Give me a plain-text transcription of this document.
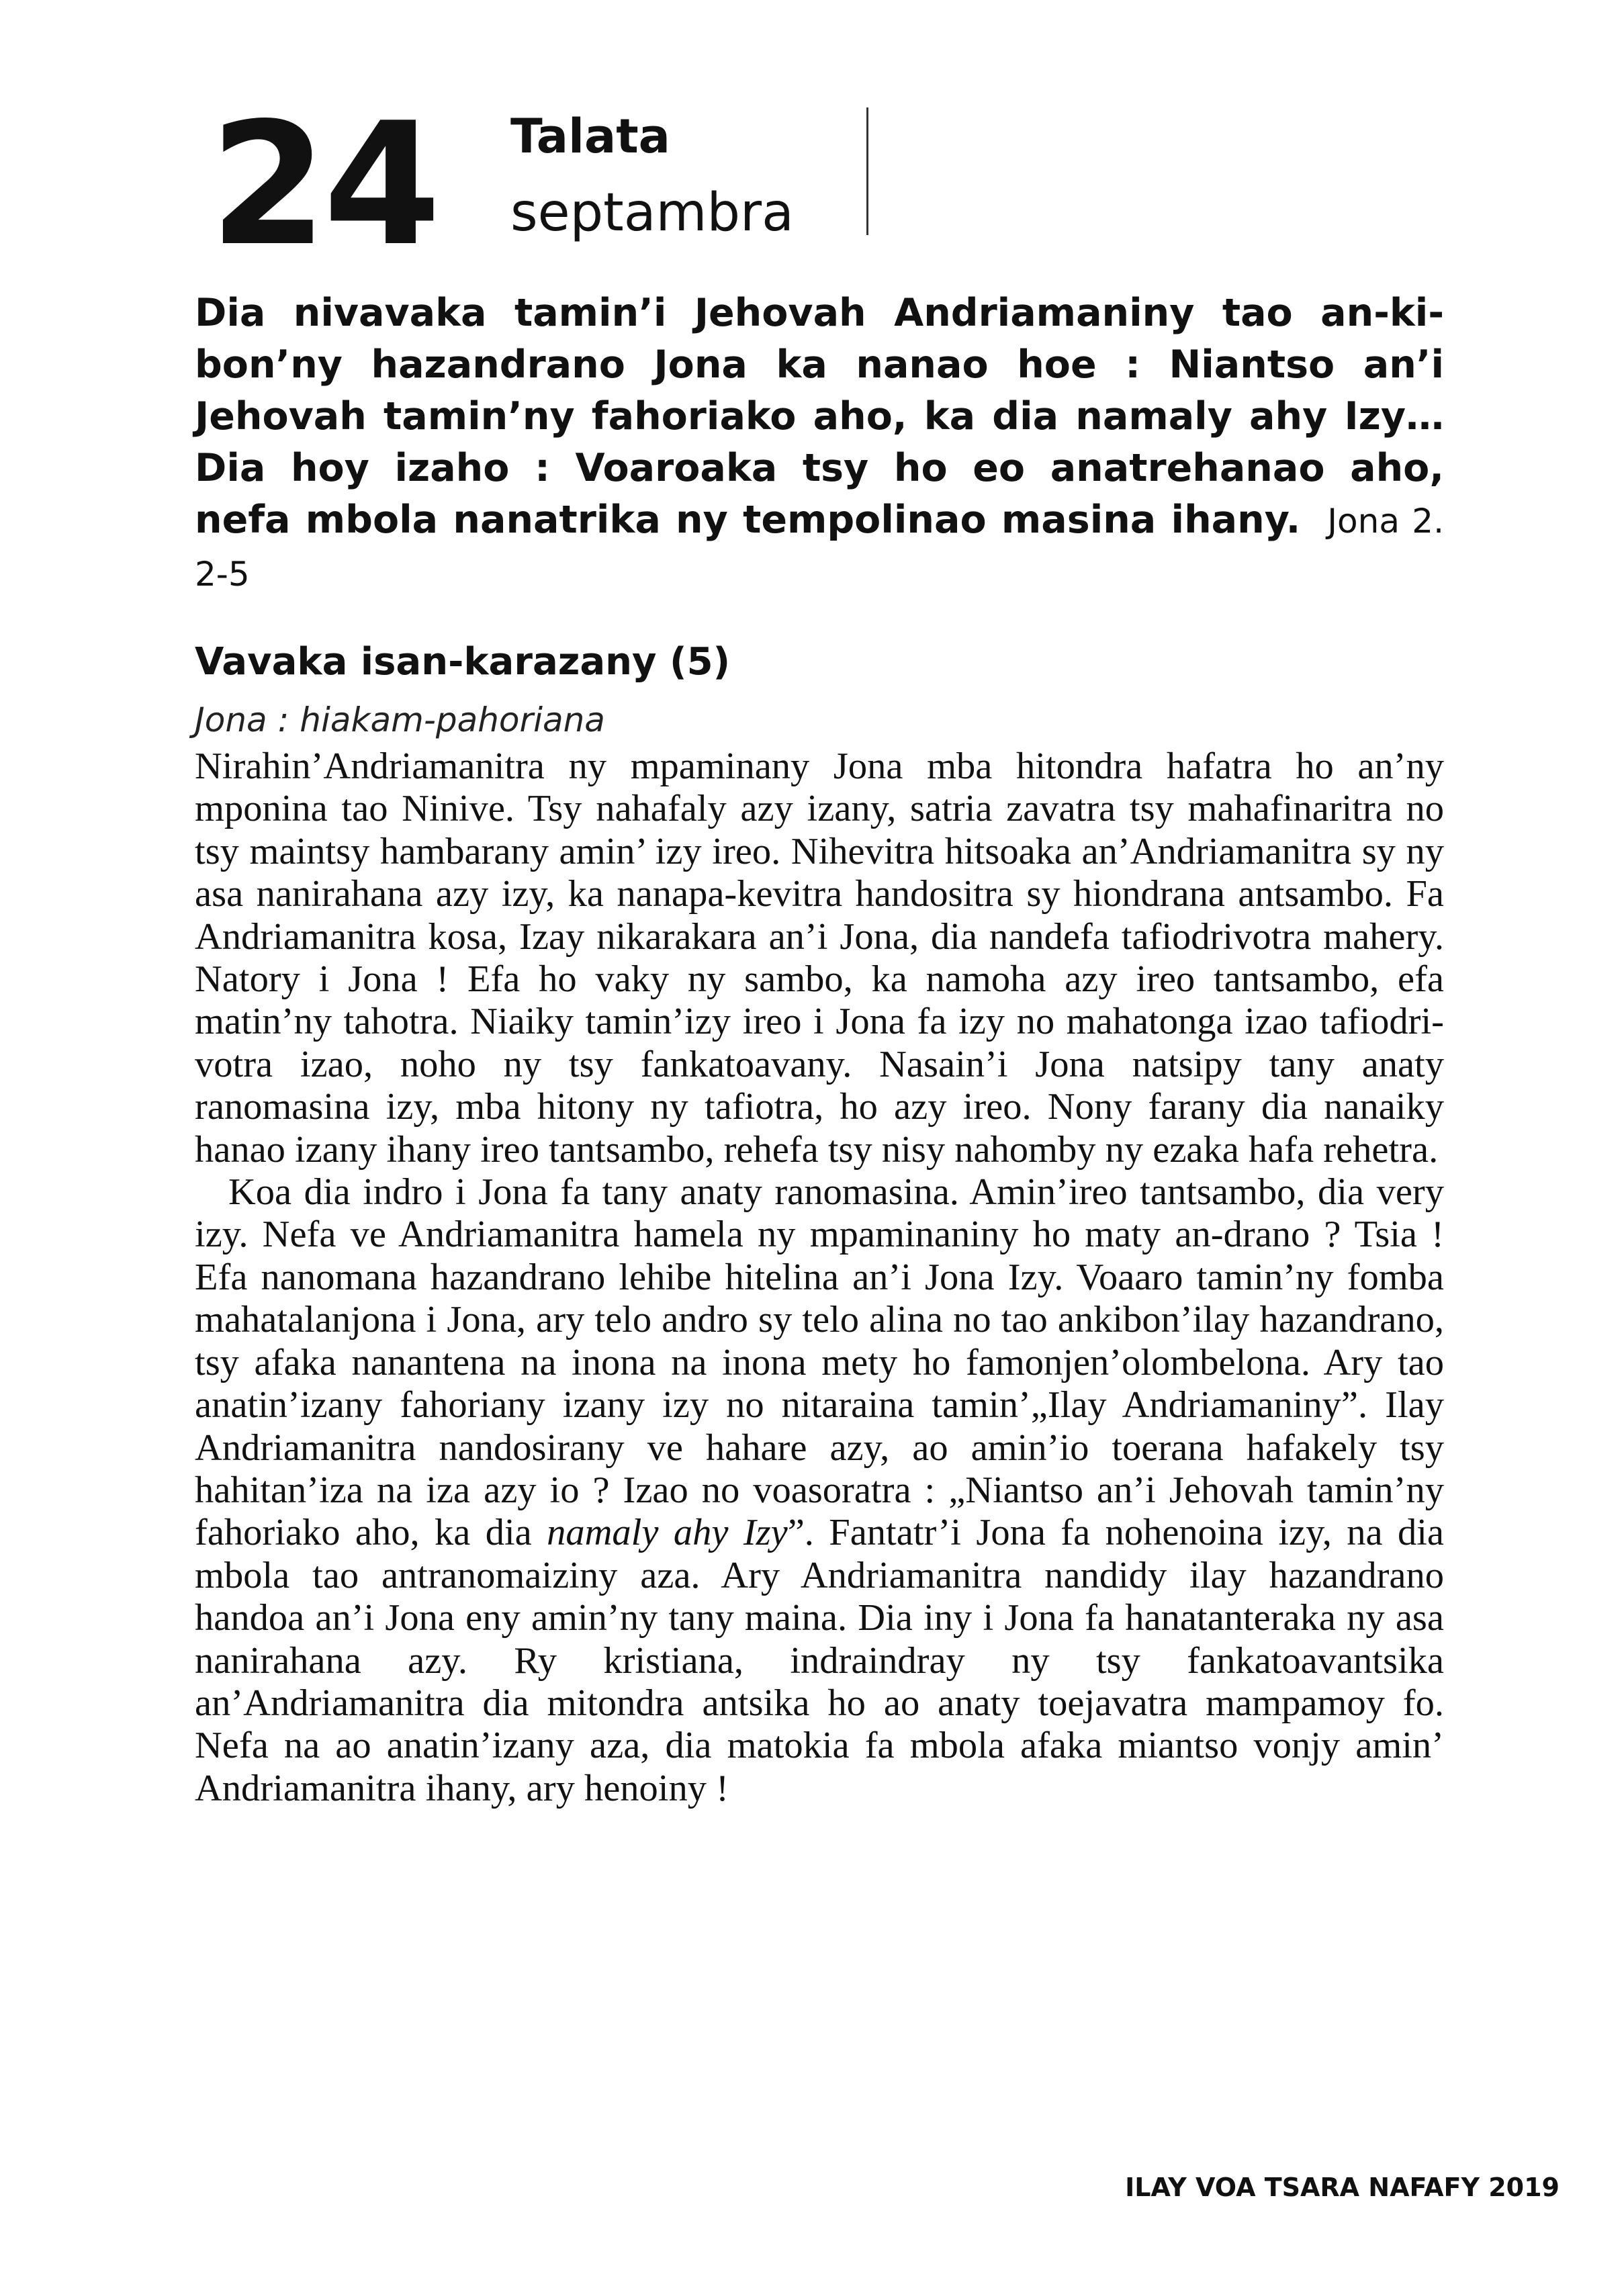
24 Talata
septambra
Dia nivavaka tamin’i Jehovah Andriamaniny tao an-kibon’ny hazandrano Jona ka nanao hoe : Niantso an’i Jehovah tamin’ny fahoriako aho, ka dia namaly ahy Izy… Dia hoy izaho : Voaroaka tsy ho eo anatrehanao aho, nefa mbola nanatrika ny tempolinao masina ihany. Jona 2. 2-5
Vavaka isan-karazany (5)
Jona : hiakam-pahoriana

Nirahin’Andriamanitra ny mpaminany Jona mba hitondra hafatra ho an’ny mponina tao Ninive. Tsy nahafaly azy izany, satria zavatra tsy mahafinaritra no tsy maintsy hambarany amin’ izy ireo. Nihevitra hitsoaka an’Andriamanitra sy ny asa nanirahana azy izy, ka nanapa-kevitra handositra sy hiondrana antsambo. Fa Andriamanitra kosa, Izay nikarakara an’i Jona, dia nandefa tafiodrivotra mahery. Natory i Jona ! Efa ho vaky ny sambo, ka namoha azy ireo tantsambo, efa matin’ny tahotra. Niaiky tamin’izy ireo i Jona fa izy no mahatonga izao tafiodrivotra izao, noho ny tsy fankatoavany. Nasain’i Jona natsipy tany anaty ranomasina izy, mba hitony ny tafiotra, ho azy ireo. Nony farany dia nanaiky hanao izany ihany ireo tantsambo, rehefa tsy nisy nahomby ny ezaka hafa rehetra.

Koa dia indro i Jona fa tany anaty ranomasina. Amin’ireo tantsambo, dia very izy. Nefa ve Andriamanitra hamela ny mpaminaniny ho maty an-drano ? Tsia ! Efa nanomana hazandrano lehibe hitelina an’i Jona Izy. Voaaro tamin’ny fomba mahatalanjona i Jona, ary telo andro sy telo alina no tao ankibon’ilay hazandrano, tsy afaka nanantena na inona na inona mety ho famonjen’olombelona. Ary tao anatin’izany fahoriany izany izy no nitaraina tamin’„Ilay Andriamaniny”. Ilay Andriamanitra nandosirany ve hahare azy, ao amin’io toerana hafakely tsy hahitan’iza na iza azy io ? Izao no voasoratra : „Niantso an’i Jehovah tamin’ny fahoriako aho, ka dia namaly ahy Izy”. Fantatr’i Jona fa nohenoina izy, na dia mbola tao antranomaiziny aza. Ary Andriamanitra nandidy ilay hazandrano handoa an’i Jona eny amin’ny tany maina. Dia iny i Jona fa hanatanteraka ny asa nanirahana azy. Ry kristiana, indraindray ny tsy fankatoavantsika an’Andriamanitra dia mitondra antsika ho ao anaty toejavatra mampamoy fo. Nefa na ao anatin’izany aza, dia matokia fa mbola afaka miantso vonjy amin’ Andriamanitra ihany, ary henoiny !

ILAY VOA TSARA NAFAFY 2019
